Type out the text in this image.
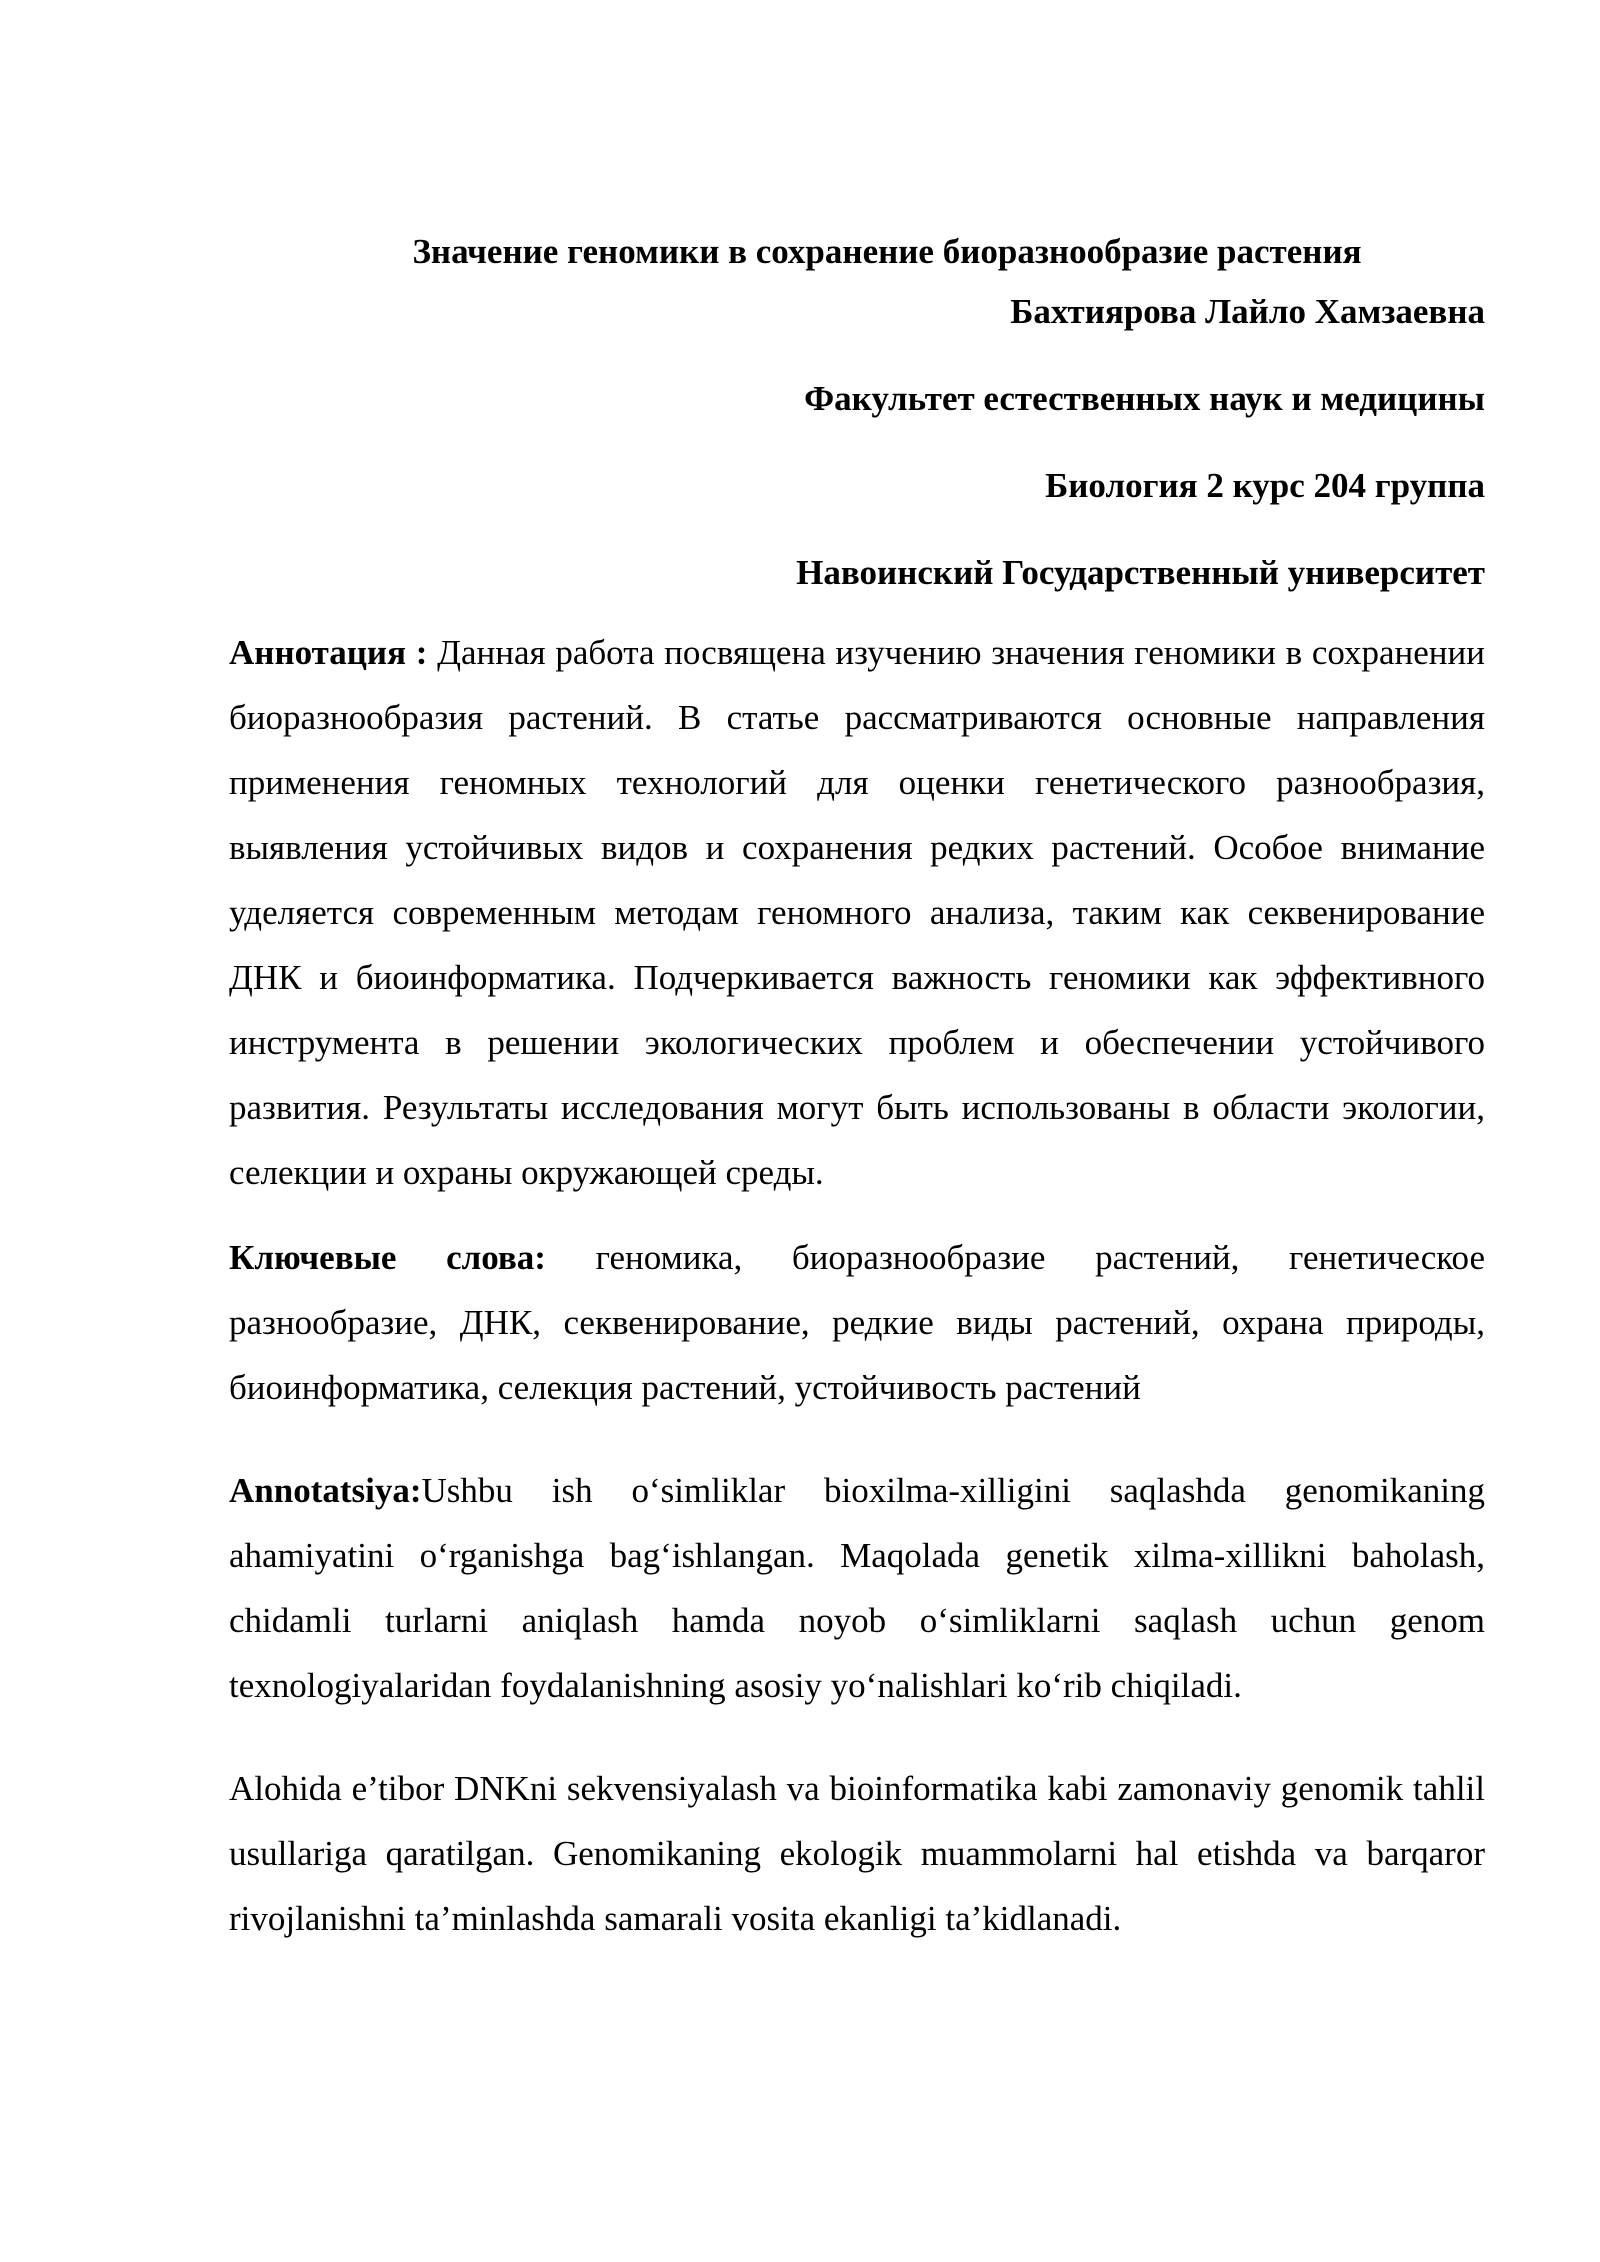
Значение геномики в сохранение биоразнообразие растения

Бахтиярова Лайло Хамзаевна

Факультет естественных наук и медицины

Биология 2 курс 204 группа

Навоинский Государственный университет

Аннотация : Данная работа посвящена изучению значения геномики в сохранении биоразнообразия растений. В статье рассматриваются основные направления применения геномных технологий для оценки генетического разнообразия, выявления устойчивых видов и сохранения редких растений. Особое внимание уделяется современным методам геномного анализа, таким как секвенирование ДНК и биоинформатика. Подчеркивается важность геномики как эффективного инструмента в решении экологических проблем и обеспечении устойчивого развития. Результаты исследования могут быть использованы в области экологии, селекции и охраны окружающей среды.

Ключевые слова: геномика, биоразнообразие растений, генетическое разнообразие, ДНК, секвенирование, редкие виды растений, охрана природы, биоинформатика, селекция растений, устойчивость растений

Annotatsiya:Ushbu ish oʻsimliklar bioxilma-xilligini saqlashda genomikaning ahamiyatini oʻrganishga bagʻishlangan. Maqolada genetik xilma-xillikni baholash, chidamli turlarni aniqlash hamda noyob oʻsimliklarni saqlash uchun genom texnologiyalaridan foydalanishning asosiy yoʻnalishlari koʻrib chiqiladi.

Alohida e’tibor DNKni sekvensiyalash va bioinformatika kabi zamonaviy genomik tahlil usullariga qaratilgan. Genomikaning ekologik muammolarni hal etishda va barqaror rivojlanishni ta’minlashda samarali vosita ekanligi ta’kidlanadi.
